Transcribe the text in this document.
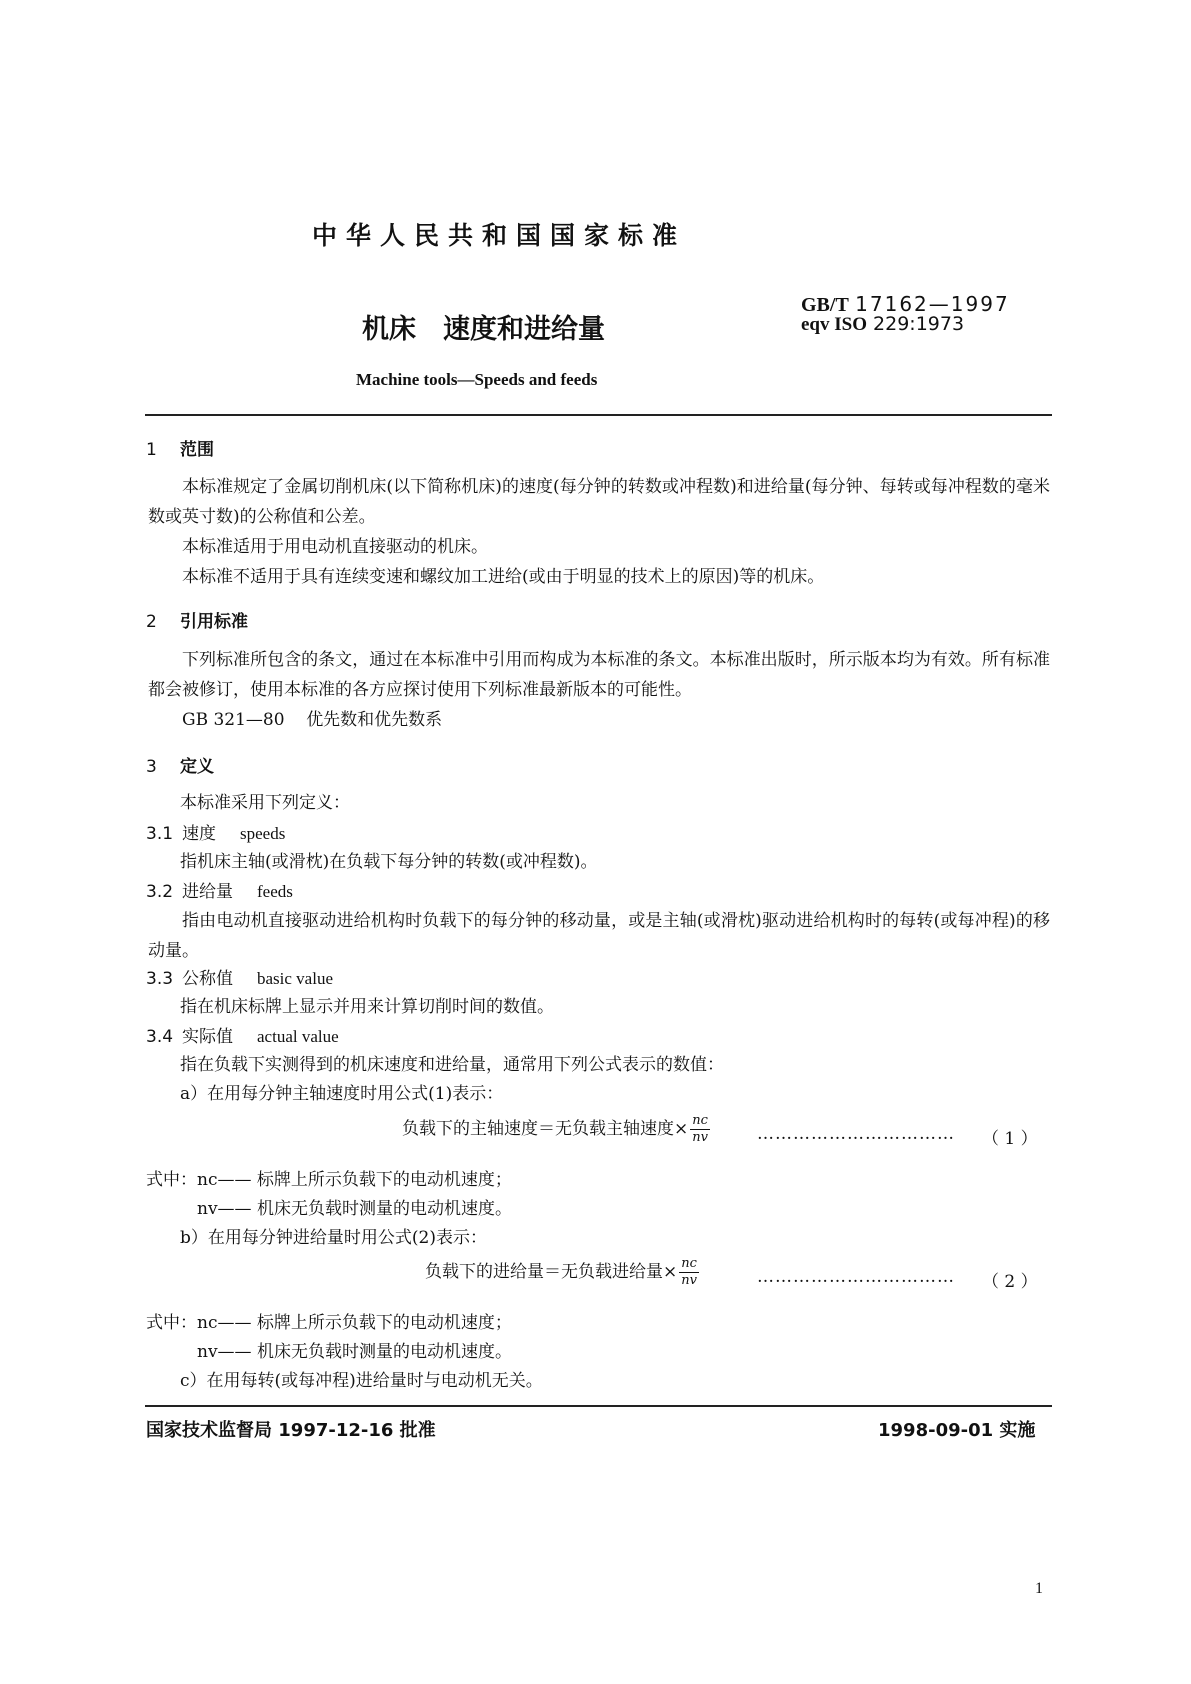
中华人民共和国国家标准
机床　速度和进给量
GB/T 17162—1997
eqv ISO 229:1973
Machine tools—Speeds and feeds
1 范围

本标准规定了金属切削机床(以下简称机床)的速度(每分钟的转数或冲程数)和进给量(每分钟、每转或每冲程数的毫米数或英寸数)的公称值和公差。

本标准适用于用电动机直接驱动的机床。

本标准不适用于具有连续变速和螺纹加工进给(或由于明显的技术上的原因)等的机床。

2 引用标准

下列标准所包含的条文，通过在本标准中引用而构成为本标准的条文。本标准出版时，所示版本均为有效。所有标准都会被修订，使用本标准的各方应探讨使用下列标准最新版本的可能性。

GB 321—80 优先数和优先数系

3 定义
本标准采用下列定义：
3.1 速度 speeds
指机床主轴(或滑枕)在负载下每分钟的转数(或冲程数)。
3.2 进给量 feeds

指由电动机直接驱动进给机构时负载下的每分钟的移动量，或是主轴(或滑枕)驱动进给机构时的每转(或每冲程)的移动量。

3.3 公称值 basic value
指在机床标牌上显示并用来计算切削时间的数值。
3.4 实际值 actual value
指在负载下实测得到的机床速度和进给量，通常用下列公式表示的数值：
a）在用每分钟主轴速度时用公式(1)表示：
负载下的主轴速度＝无负载主轴速度× $\frac{nc}{nv}$	…………………………… （ 1 ）
式中：nc—— 标牌上所示负载下的电动机速度；
nv—— 机床无负载时测量的电动机速度。
b）在用每分钟进给量时用公式(2)表示：
负载下的进给量＝无负载进给量× $\frac{nc}{nv}$	…………………………… （ 2 ）
式中：nc—— 标牌上所示负载下的电动机速度；
nv—— 机床无负载时测量的电动机速度。
c）在用每转(或每冲程)进给量时与电动机无关。
国家技术监督局 1997-12-16 批准	1998-09-01 实施
1
